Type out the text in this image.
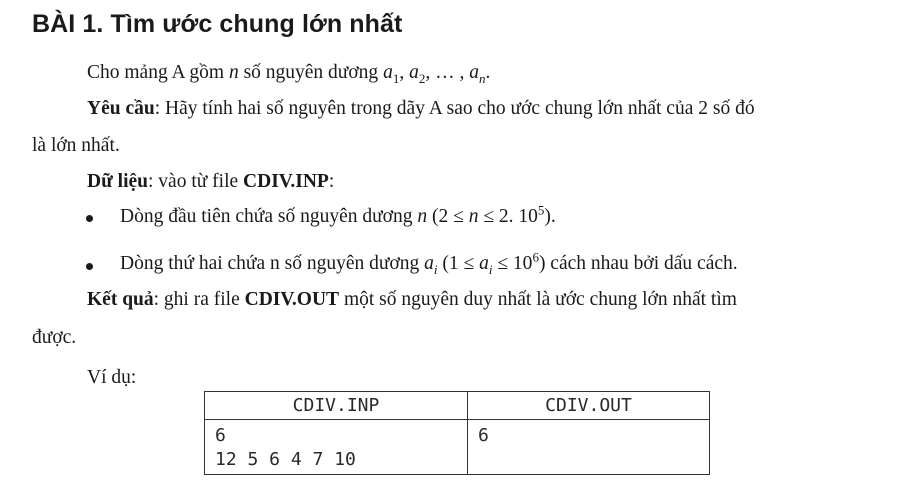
BÀI 1. Tìm ước chung lớn nhất
Cho mảng A gồm n số nguyên dương $a_1$, $a_2$, … , $a_n$.
Yêu cầu: Hãy tính hai số nguyên trong dãy A sao cho ước chung lớn nhất của 2 số đó
là lớn nhất.
Dữ liệu: vào từ file CDIV.INP:
Dòng đầu tiên chứa số nguyên dương n (2 ≤ n ≤ 2. $10^5$).
Dòng thứ hai chứa n số nguyên dương $a_i$ $(1 \le a_i \le 10^6)$ cách nhau bởi dấu cách.
Kết quả: ghi ra file CDIV.OUT một số nguyên duy nhất là ước chung lớn nhất tìm
được.
Ví dụ:
CDIV.INP	CDIV.OUT

6
12 5 6 4 7 10	6
